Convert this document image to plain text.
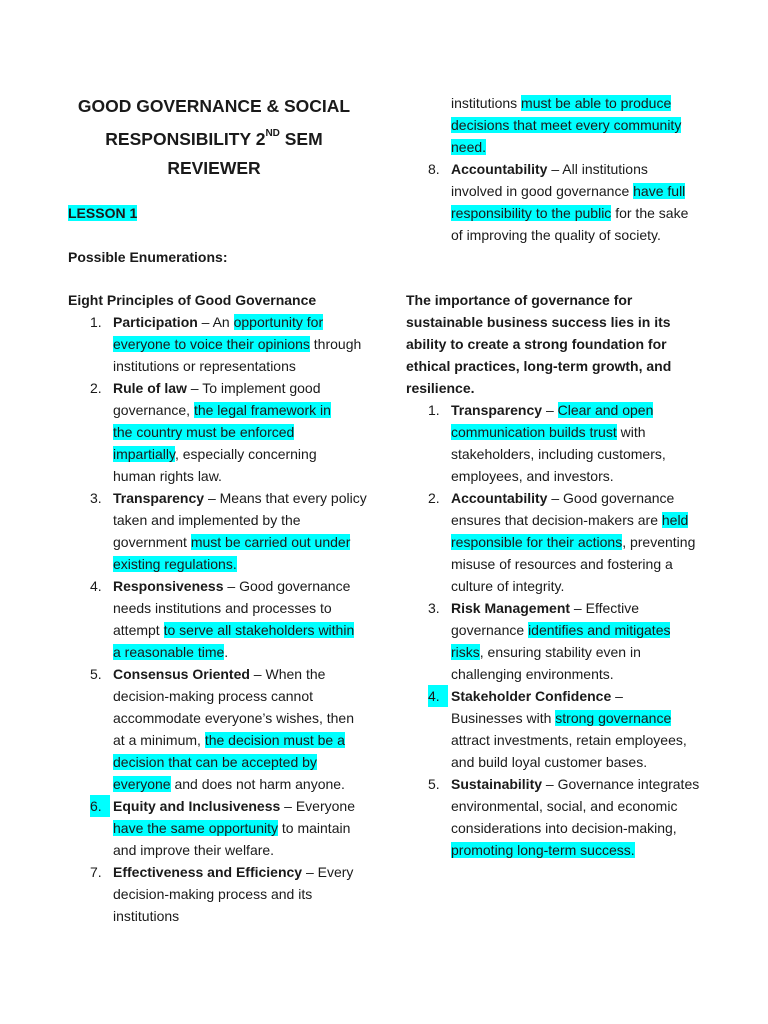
GOOD GOVERNANCE & SOCIAL
RESPONSIBILITY 2ND SEM
REVIEWER
LESSON 1
Possible Enumerations:
Eight Principles of Good Governance
1. Participation – An opportunity for everyone to voice their opinions through institutions or representations
2. Rule of law – To implement good governance, the legal framework in the country must be enforced impartially, especially concerning human rights law.
3. Transparency – Means that every policy taken and implemented by the government must be carried out under existing regulations.
4. Responsiveness – Good governance needs institutions and processes to attempt to serve all stakeholders within a reasonable time.
5. Consensus Oriented – When the decision-making process cannot accommodate everyone’s wishes, then at a minimum, the decision must be a decision that can be accepted by everyone and does not harm anyone.
6. Equity and Inclusiveness – Everyone have the same opportunity to maintain and improve their welfare.
7. Effectiveness and Efficiency – Every decision-making process and its institutions
institutions must be able to produce decisions that meet every community need.
8. Accountability – All institutions involved in good governance have full responsibility to the public for the sake of improving the quality of society.
The importance of governance for sustainable business success lies in its ability to create a strong foundation for ethical practices, long-term growth, and resilience.
1. Transparency – Clear and open communication builds trust with stakeholders, including customers, employees, and investors.
2. Accountability – Good governance ensures that decision-makers are held responsible for their actions, preventing misuse of resources and fostering a culture of integrity.
3. Risk Management – Effective governance identifies and mitigates risks, ensuring stability even in challenging environments.
4. Stakeholder Confidence – Businesses with strong governance attract investments, retain employees, and build loyal customer bases.
5. Sustainability – Governance integrates environmental, social, and economic considerations into decision-making, promoting long-term success.
